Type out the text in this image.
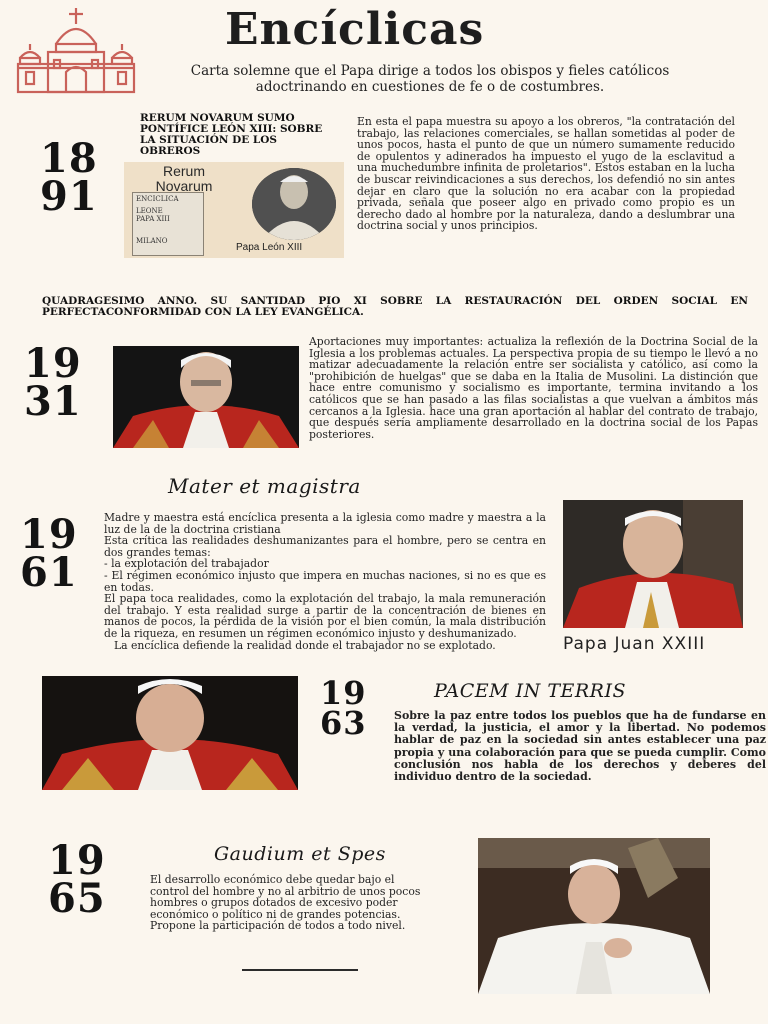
Encíclicas
Carta solemne que el Papa dirige a todos los obispos y fieles católicos adoctrinando en cuestiones de fe o de costumbres.
18
91
RERUM NOVARUM SUMO PONTÍFICE LEÓN XIII: SOBRE LA SITUACIÓN DE LOS OBREROS
ENCICLICA
LEONE
PAPA XIII
MILANO
Rerum Novarum
Papa León XIII
En esta el papa muestra su apoyo a los obreros, "la contratación del trabajo, las relaciones comerciales, se hallan sometidas al poder de unos pocos, hasta el punto de que un número sumamente reducido de opulentos y adinerados ha impuesto el yugo de la esclavitud a una muchedumbre infinita de proletarios". Estos estaban en la lucha de buscar reivindicaciones a sus derechos, los defendió no sin antes dejar en claro que la solución no era acabar con la propiedad privada, señala que poseer algo en privado como propio es un derecho dado al hombre por la naturaleza, dando a deslumbrar una doctrina social y unos principios.
QUADRAGESIMO ANNO. SU SANTIDAD PIO XI SOBRE LA RESTAURACIÓN DEL ORDEN SOCIAL EN PERFECTACONFORMIDAD CON LA LEY EVANGÉLICA.
19
31
Aportaciones muy importantes: actualiza la reflexión de la Doctrina Social de la Iglesia a los problemas actuales. La perspectiva propia de su tiempo le llevó a no matizar adecuadamente la relación entre ser socialista y católico, así como la "prohibición de huelgas" que se daba en la Italia de Musolini. La distinción que hace entre comunismo y socialismo es importante, termina invitando a los católicos que se han pasado a las filas socialistas a que vuelvan a ámbitos más cercanos a la Iglesia. hace una gran aportación al hablar del contrato de trabajo, que después sería ampliamente desarrollado en la doctrina social de los Papas posteriores.
Mater et magistra
19
61
Madre y maestra está encíclica presenta a la iglesia como madre y maestra a la luz de la de la doctrina cristiana
Esta crítica las realidades deshumanizantes para el hombre, pero se centra en dos grandes temas:
- la explotación del trabajador
- El régimen económico injusto que impera en muchas naciones, si no es que es en todas.
El papa toca realidades, como la explotación del trabajo, la mala remuneración del trabajo. Y esta realidad surge a partir de la concentración de bienes en manos de pocos, la pérdida de la visión por el bien común, la mala distribución de la riqueza, en resumen un régimen económico injusto y deshumanizado.
La encíclica defiende la realidad donde el trabajador no se explotado.	Papa Juan XXIII
19
63
PACEM IN TERRIS
Sobre la paz entre todos los pueblos que ha de fundarse en la verdad, la justicia, el amor y la libertad. No podemos hablar de paz en la sociedad sin antes establecer una paz propia y una colaboración para que se pueda cumplir. Como conclusión nos habla de los derechos y deberes del individuo dentro de la sociedad.
19
65
Gaudium et Spes
El desarrollo económico debe quedar bajo el control del hombre y no al arbitrio de unos pocos hombres o grupos dotados de excesivo poder económico o político ni de grandes potencias. Propone la participación de todos a todo nivel.
